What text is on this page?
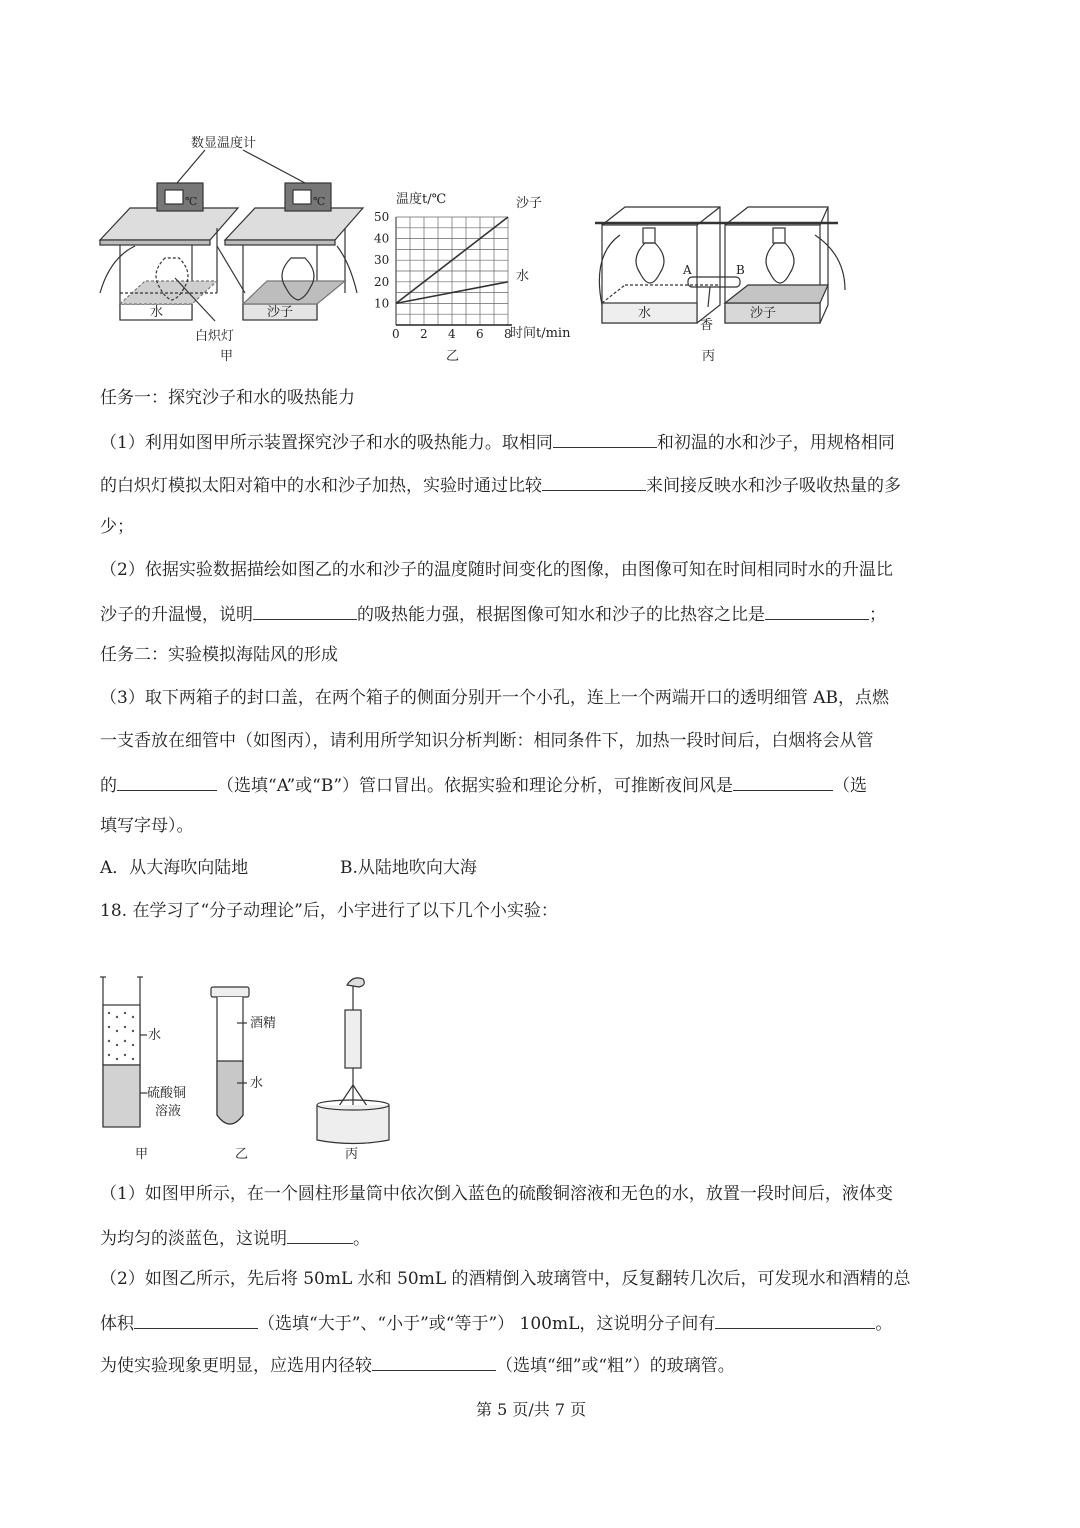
数显温度计
℃	℃
水	沙子
白炽灯
甲
沙子
水
0 2 4 6 8
10
20
30
40
50
温度t/℃
时间t/min
乙
A	B
水	沙子
香
丙
任务一：探究沙子和水的吸热能力
（1）利用如图甲所示装置探究沙子和水的吸热能力。取相同	和初温的水和沙子，用规格相同
的白炽灯模拟太阳对箱中的水和沙子加热，实验时通过比较	来间接反映水和沙子吸收热量的多
少；
（2）依据实验数据描绘如图乙的水和沙子的温度随时间变化的图像，由图像可知在时间相同时水的升温比
沙子的升温慢，说明	的吸热能力强，根据图像可知水和沙子的比热容之比是	；
任务二：实验模拟海陆风的形成
（3）取下两箱子的封口盖，在两个箱子的侧面分别开一个小孔，连上一个两端开口的透明细管 AB，点燃
一支香放在细管中（如图丙），请利用所学知识分析判断：相同条件下，加热一段时间后，白烟将会从管
的	（选填“A”或“B”）管口冒出。依据实验和理论分析，可推断夜间风是	（选
填写字母）。
A．从大海吹向陆地	B.从陆地吹向大海
18. 在学习了“分子动理论”后，小宇进行了以下几个小实验：
水
硫酸铜
溶液
酒精
水
甲	乙	丙
（1）如图甲所示，在一个圆柱形量筒中依次倒入蓝色的硫酸铜溶液和无色的水，放置一段时间后，液体变
为均匀的淡蓝色，这说明	。
（2）如图乙所示，先后将 50mL 水和 50mL 的酒精倒入玻璃管中，反复翻转几次后，可发现水和酒精的总
体积	（选填“大于”、“小于”或“等于”） 100mL，这说明分子间有	。
为使实验现象更明显，应选用内径较	（选填“细”或“粗”）的玻璃管。
第 5 页/共 7 页
